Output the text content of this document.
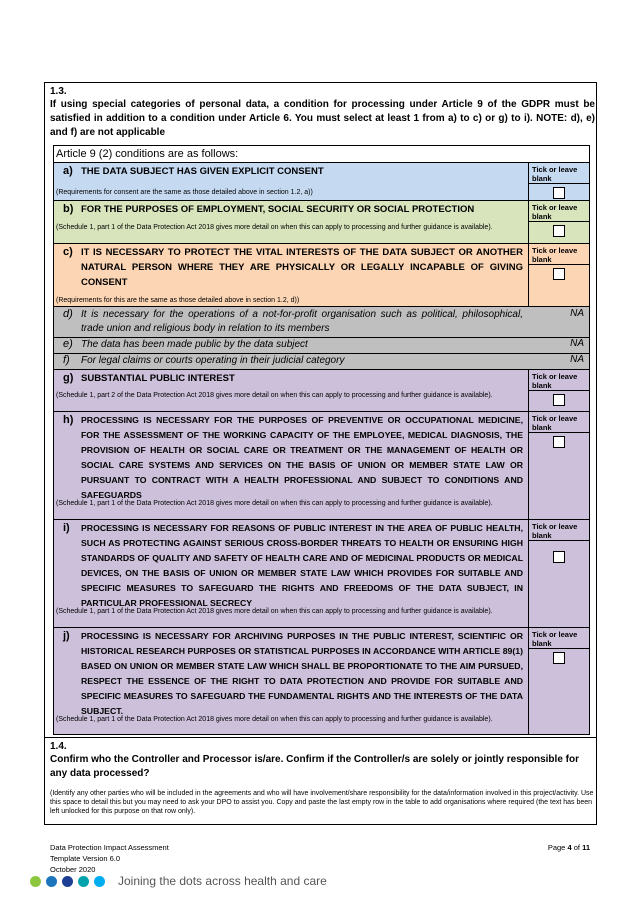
1.3.
If using special categories of personal data, a condition for processing under Article 9 of the GDPR must be satisfied in addition to a condition under Article 6. You must select at least 1 from a) to c) or g) to i). NOTE: d), e) and f) are not applicable
Article 9 (2) conditions are as follows:
a) THE DATA SUBJECT HAS GIVEN EXPLICIT CONSENT
(Requirements for consent are the same as those detailed above in section 1.2, a))
Tick or leave blank
b) FOR THE PURPOSES OF EMPLOYMENT, SOCIAL SECURITY OR SOCIAL PROTECTION
(Schedule 1, part 1 of the Data Protection Act 2018 gives more detail on when this can apply to processing and further guidance is available).
Tick or leave blank
c) IT IS NECESSARY TO PROTECT THE VITAL INTERESTS OF THE DATA SUBJECT OR ANOTHER NATURAL PERSON WHERE THEY ARE PHYSICALLY OR LEGALLY INCAPABLE OF GIVING CONSENT
(Requirements for this are the same as those detailed above in section 1.2, d))
Tick or leave blank
d) It is necessary for the operations of a not-for-profit organisation such as political, philosophical, trade union and religious body in relation to its members
NA
e) The data has been made public by the data subject	NA
f) For legal claims or courts operating in their judicial category	NA
g) SUBSTANTIAL PUBLIC INTEREST
(Schedule 1, part 2 of the Data Protection Act 2018 gives more detail on when this can apply to processing and further guidance is available).
Tick or leave blank
h) PROCESSING IS NECESSARY FOR THE PURPOSES OF PREVENTIVE OR OCCUPATIONAL MEDICINE, FOR THE ASSESSMENT OF THE WORKING CAPACITY OF THE EMPLOYEE, MEDICAL DIAGNOSIS, THE PROVISION OF HEALTH OR SOCIAL CARE OR TREATMENT OR THE MANAGEMENT OF HEALTH OR SOCIAL CARE SYSTEMS AND SERVICES ON THE BASIS OF UNION OR MEMBER STATE LAW OR PURSUANT TO CONTRACT WITH A HEALTH PROFESSIONAL AND SUBJECT TO CONDITIONS AND SAFEGUARDS
(Schedule 1, part 1 of the Data Protection Act 2018 gives more detail on when this can apply to processing and further guidance is available).
Tick or leave blank
i) PROCESSING IS NECESSARY FOR REASONS OF PUBLIC INTEREST IN THE AREA OF PUBLIC HEALTH, SUCH AS PROTECTING AGAINST SERIOUS CROSS-BORDER THREATS TO HEALTH OR ENSURING HIGH STANDARDS OF QUALITY AND SAFETY OF HEALTH CARE AND OF MEDICINAL PRODUCTS OR MEDICAL DEVICES, ON THE BASIS OF UNION OR MEMBER STATE LAW WHICH PROVIDES FOR SUITABLE AND SPECIFIC MEASURES TO SAFEGUARD THE RIGHTS AND FREEDOMS OF THE DATA SUBJECT, IN PARTICULAR PROFESSIONAL SECRECY
(Schedule 1, part 1 of the Data Protection Act 2018 gives more detail on when this can apply to processing and further guidance is available).
Tick or leave blank
j) PROCESSING IS NECESSARY FOR ARCHIVING PURPOSES IN THE PUBLIC INTEREST, SCIENTIFIC OR HISTORICAL RESEARCH PURPOSES OR STATISTICAL PURPOSES IN ACCORDANCE WITH ARTICLE 89(1) BASED ON UNION OR MEMBER STATE LAW WHICH SHALL BE PROPORTIONATE TO THE AIM PURSUED, RESPECT THE ESSENCE OF THE RIGHT TO DATA PROTECTION AND PROVIDE FOR SUITABLE AND SPECIFIC MEASURES TO SAFEGUARD THE FUNDAMENTAL RIGHTS AND THE INTERESTS OF THE DATA SUBJECT.
(Schedule 1, part 1 of the Data Protection Act 2018 gives more detail on when this can apply to processing and further guidance is available).
Tick or leave blank
1.4.
Confirm who the Controller and Processor is/are. Confirm if the Controller/s are solely or jointly responsible for any data processed?
(Identify any other parties who will be included in the agreements and who will have involvement/share responsibility for the data/information involved in this project/activity. Use this space to detail this but you may need to ask your DPO to assist you. Copy and paste the last empty row in the table to add organisations where required (the text has been left unlocked for this purpose on that row only).
Data Protection Impact Assessment
Template Version 6.0
October 2020
Page 4 of 11
Joining the dots across health and care
